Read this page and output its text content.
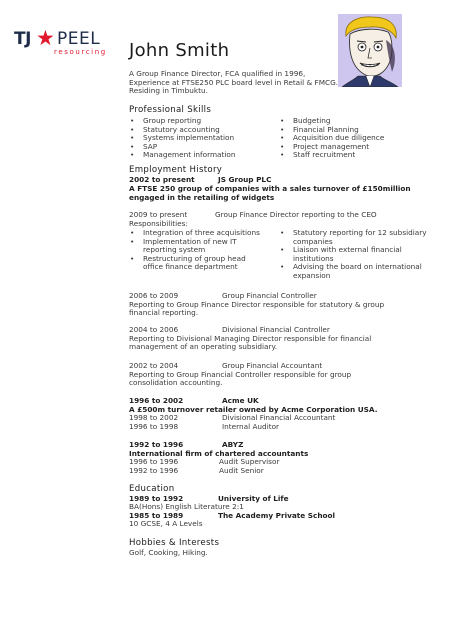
TJ ★ PEEL
resourcing John Smith
A Group Finance Director, FCA qualified in 1996,
Experience at FTSE250 PLC board level in Retail & FMCG.
Residing in Timbuktu.
Professional Skills
• Group reporting
• Statutory accounting
• Systems implementation
• SAP
• Management information
• Budgeting
• Financial Planning
• Acquisition due diligence
• Project management
• Staff recruitment
Employment History
2002 to present	JS Group PLC
A FTSE 250 group of companies with a sales turnover of £150million
engaged in the retailing of widgets
2009 to present	Group Finance Director reporting to the CEO
Responsibilities:
• Integration of three acquisitions
• Implementation of new IT reporting system
• Restructuring of group head office finance department
• Statutory reporting for 12 subsidiary companies
• Liaison with external financial institutions
• Advising the board on international expansion
2006 to 2009	Group Financial Controller
Reporting to Group Finance Director responsible for statutory & group
financial reporting.
2004 to 2006	Divisional Financial Controller
Reporting to Divisional Managing Director responsible for financial
management of an operating subsidiary.
2002 to 2004	Group Financial Accountant
Reporting to Group Financial Controller responsible for group
consolidation accounting.
1996 to 2002	Acme UK
A £500m turnover retailer owned by Acme Corporation USA.
1998 to 2002	Divisional Financial Accountant
1996 to 1998	Internal Auditor
1992 to 1996	ABYZ
International firm of chartered accountants
1996 to 1996	Audit Supervisor
1992 to 1996	Audit Senior
Education
1989 to 1992	University of Life
BA(Hons) English Literature 2:1
1985 to 1989	The Academy Private School
10 GCSE, 4 A Levels
Hobbies & Interests
Golf, Cooking, Hiking.
